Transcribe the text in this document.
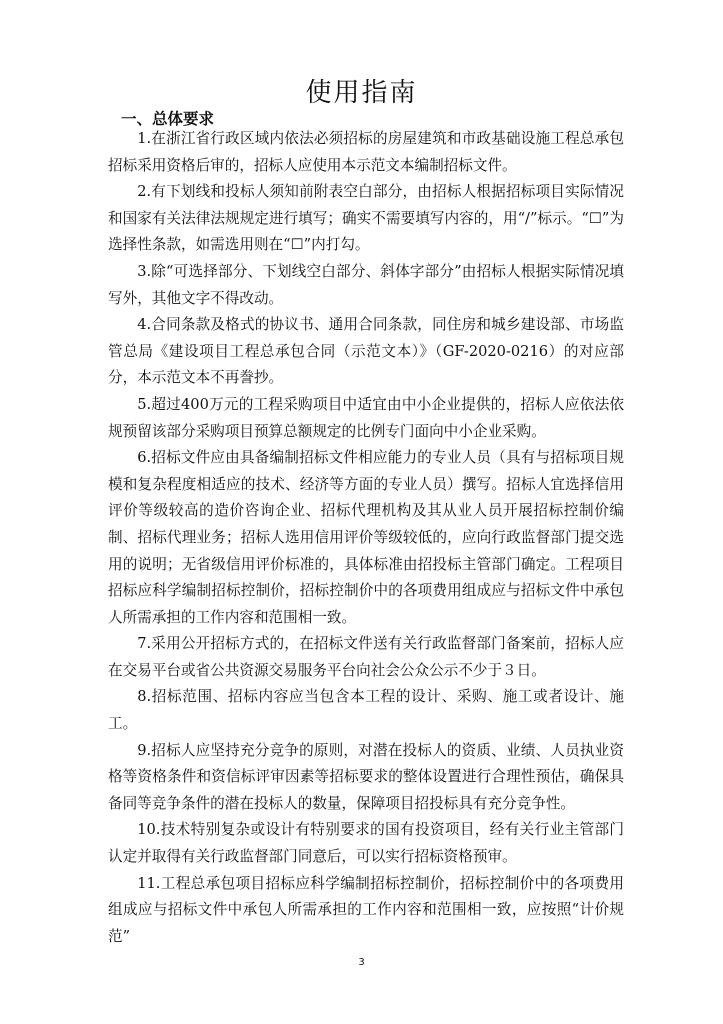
使用指南
一、总体要求

1.在浙江省行政区域内依法必须招标的房屋建筑和市政基础设施工程总承包招标采用资格后审的，招标人应使用本示范文本编制招标文件。

2.有下划线和投标人须知前附表空白部分，由招标人根据招标项目实际情况和国家有关法律法规规定进行填写；确实不需要填写内容的，用“/”标示。“☐”为选择性条款，如需选用则在“☐”内打勾。

3.除“可选择部分、下划线空白部分、斜体字部分”由招标人根据实际情况填写外，其他文字不得改动。

4.合同条款及格式的协议书、通用合同条款，同住房和城乡建设部、市场监管总局《建设项目工程总承包合同（示范文本）》（GF-2020-0216）的对应部分，本示范文本不再誊抄。

5.超过400万元的工程采购项目中适宜由中小企业提供的，招标人应依法依规预留该部分采购项目预算总额规定的比例专门面向中小企业采购。

6.招标文件应由具备编制招标文件相应能力的专业人员（具有与招标项目规模和复杂程度相适应的技术、经济等方面的专业人员）撰写。招标人宜选择信用评价等级较高的造价咨询企业、招标代理机构及其从业人员开展招标控制价编制、招标代理业务；招标人选用信用评价等级较低的，应向行政监督部门提交选用的说明；无省级信用评价标准的，具体标准由招投标主管部门确定。工程项目招标应科学编制招标控制价，招标控制价中的各项费用组成应与招标文件中承包人所需承担的工作内容和范围相一致。

7.采用公开招标方式的，在招标文件送有关行政监督部门备案前，招标人应在交易平台或省公共资源交易服务平台向社会公众公示不少于３日。

8.招标范围、招标内容应当包含本工程的设计、采购、施工或者设计、施工。

9.招标人应坚持充分竞争的原则，对潜在投标人的资质、业绩、人员执业资格等资格条件和资信标评审因素等招标要求的整体设置进行合理性预估，确保具备同等竞争条件的潜在投标人的数量，保障项目招投标具有充分竞争性。

10.技术特别复杂或设计有特别要求的国有投资项目，经有关行业主管部门认定并取得有关行政监督部门同意后，可以实行招标资格预审。

11.工程总承包项目招标应科学编制招标控制价，招标控制价中的各项费用组成应与招标文件中承包人所需承担的工作内容和范围相一致，应按照“计价规范”

3
